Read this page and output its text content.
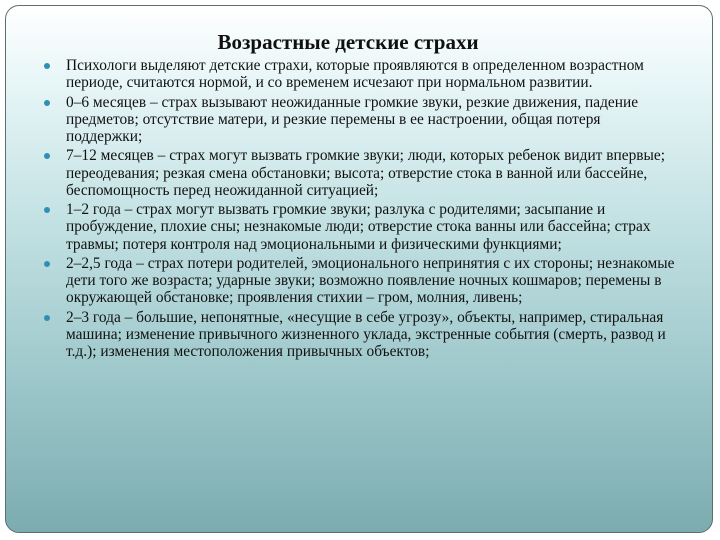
Возрастные детские страхи
Психологи выделяют детские страхи, которые проявляются в определенном возрастном периоде, считаются нормой, и со временем исчезают при нормальном развитии.
0–6 месяцев – страх вызывают неожиданные громкие звуки, резкие движения, падение предметов; отсутствие матери, и резкие перемены в ее настроении, общая потеря поддержки;
7–12 месяцев – страх могут вызвать громкие звуки; люди, которых ребенок видит впервые; переодевания; резкая смена обстановки; высота; отверстие стока в ванной или бассейне, беспомощность перед неожиданной ситуацией;
1–2 года – страх могут вызвать громкие звуки; разлука с родителями; засыпание и пробуждение, плохие сны; незнакомые люди; отверстие стока ванны или бассейна; страх травмы; потеря контроля над эмоциональными и физическими функциями;
2–2,5 года – страх потери родителей, эмоционального непринятия с их стороны; незнакомые дети того же возраста; ударные звуки; возможно появление ночных кошмаров; перемены в окружающей обстановке; проявления стихии – гром, молния, ливень;
2–3 года – большие, непонятные, «несущие в себе угрозу», объекты, например, стиральная машина; изменение привычного жизненного уклада, экстренные события (смерть, развод и т.д.); изменения местоположения привычных объектов;
